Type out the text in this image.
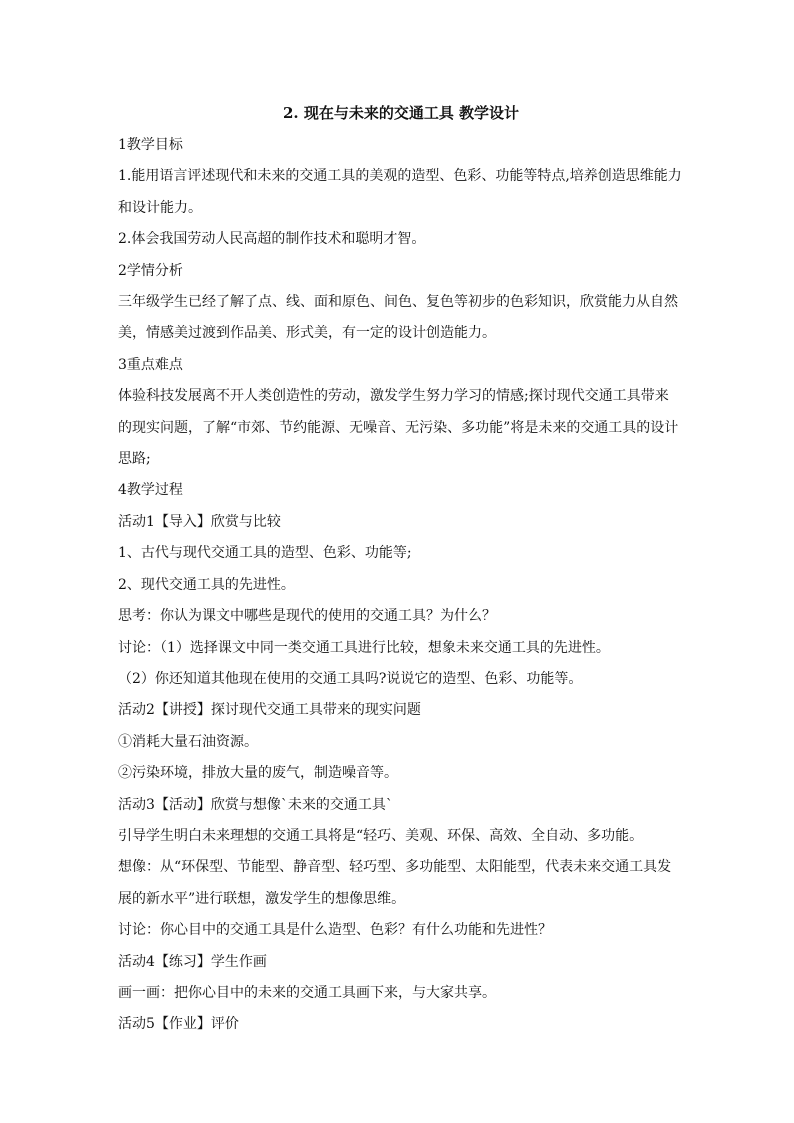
2. 现在与未来的交通工具 教学设计

1教学目标

1.能用语言评述现代和未来的交通工具的美观的造型、色彩、功能等特点,培养创造思维能力

和设计能力。

2.体会我国劳动人民高超的制作技术和聪明才智。

2学情分析

三年级学生已经了解了点、线、面和原色、间色、复色等初步的色彩知识，欣赏能力从自然

美，情感美过渡到作品美、形式美，有一定的设计创造能力。

3重点难点

体验科技发展离不开人类创造性的劳动，激发学生努力学习的情感;探讨现代交通工具带来

的现实问题，了解“市郊、节约能源、无噪音、无污染、多功能”将是未来的交通工具的设计

思路;

4教学过程

活动1【导入】欣赏与比较

1、古代与现代交通工具的造型、色彩、功能等;

2、现代交通工具的先进性。

思考：你认为课文中哪些是现代的使用的交通工具？为什么？

讨论：（1）选择课文中同一类交通工具进行比较，想象未来交通工具的先进性。

（2）你还知道其他现在使用的交通工具吗?说说它的造型、色彩、功能等。

活动2【讲授】探讨现代交通工具带来的现实问题

①消耗大量石油资源。

②污染环境，排放大量的废气，制造噪音等。

活动3【活动】欣赏与想像`未来的交通工具`

引导学生明白未来理想的交通工具将是“轻巧、美观、环保、高效、全自动、多功能。

想像：从“环保型、节能型、静音型、轻巧型、多功能型、太阳能型，代表未来交通工具发

展的新水平”进行联想，激发学生的想像思维。

讨论：你心目中的交通工具是什么造型、色彩？有什么功能和先进性？

活动4【练习】学生作画

画一画：把你心目中的未来的交通工具画下来，与大家共享。

活动5【作业】评价
